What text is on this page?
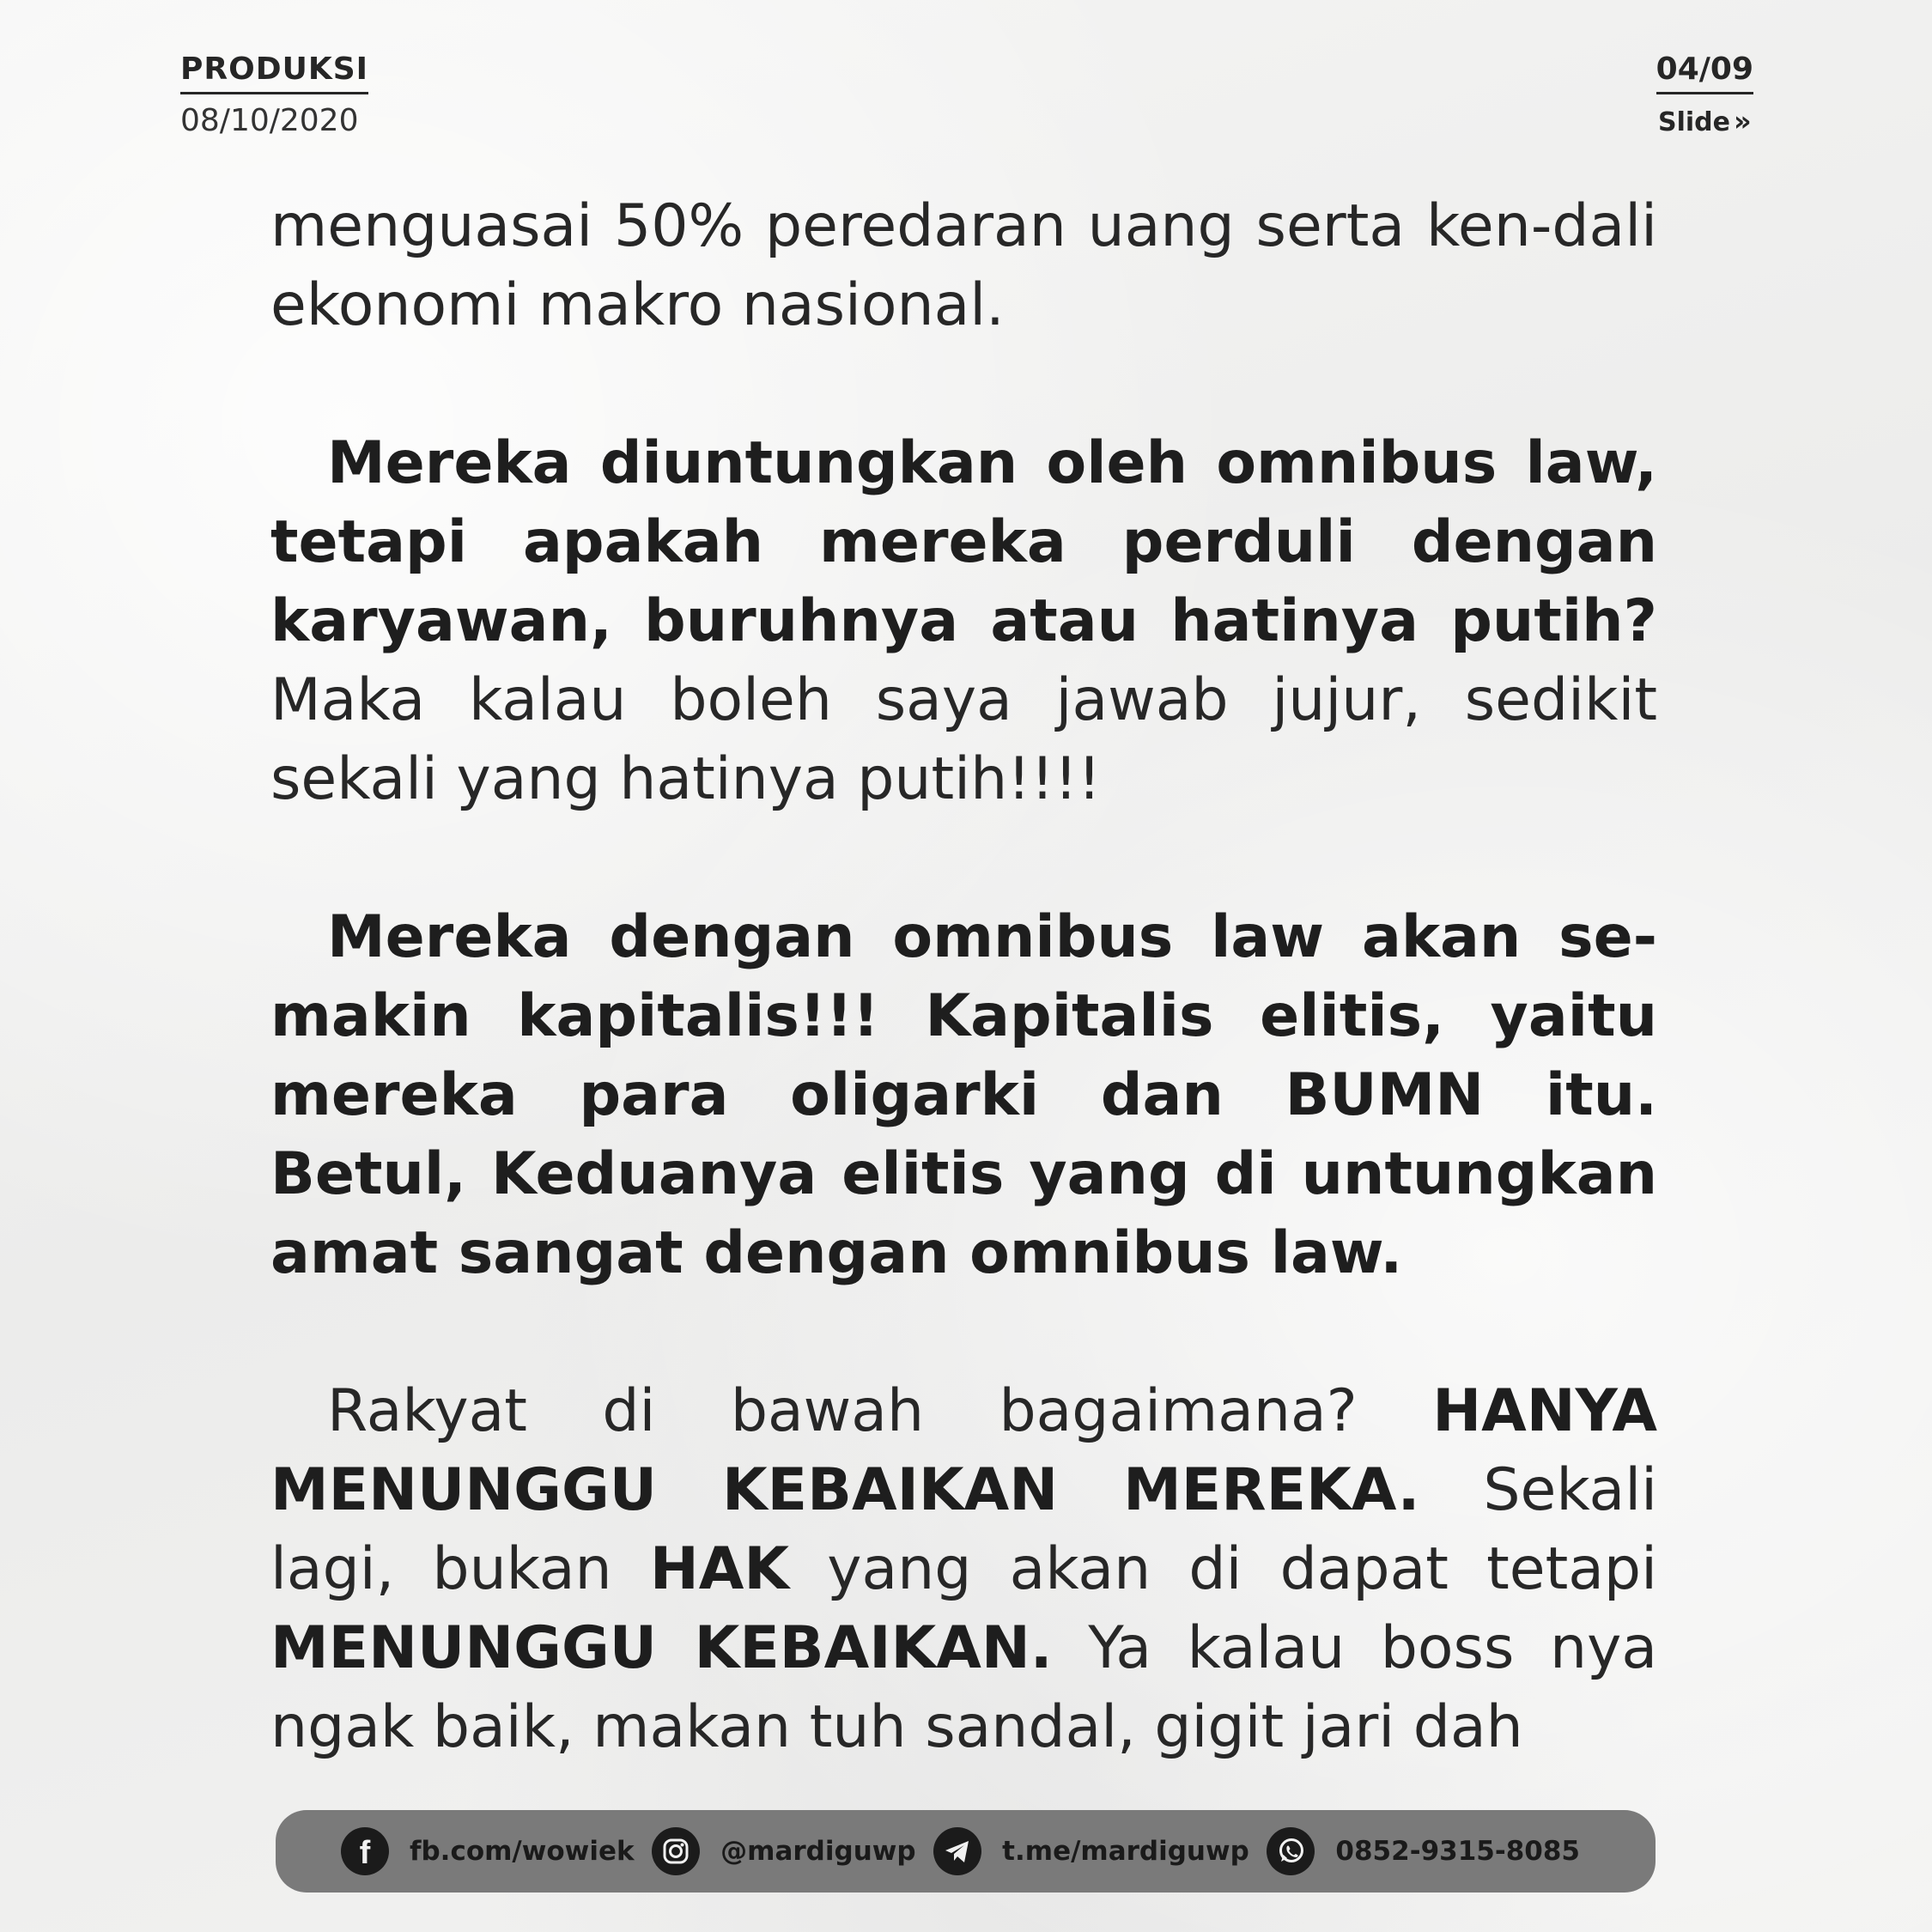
PRODUKSI
08/10/2020
04/09
Slide »

menguasai 50% peredaran uang serta ken-dali ekonomi makro nasional.

Mereka diuntungkan oleh omnibus law, tetapi apakah mereka perduli dengan karyawan, buruhnya atau hatinya putih? Maka kalau boleh saya jawab jujur, sedikit sekali yang hatinya putih!!!!

Mereka dengan omnibus law akan se-makin kapitalis!!! Kapitalis elitis, yaitu mereka para oligarki dan BUMN itu. Betul, Keduanya elitis yang di untungkan amat sangat dengan omnibus law.

Rakyat di bawah bagaimana? HANYA MENUNGGU KEBAIKAN MEREKA. Sekali lagi, bukan HAK yang akan di dapat tetapi MENUNGGU KEBAIKAN. Ya kalau boss nya ngak baik, makan tuh sandal, gigit jari dah

f fb.com/wowiek	@mardiguwp	t.me/mardiguwp	0852-9315-8085
